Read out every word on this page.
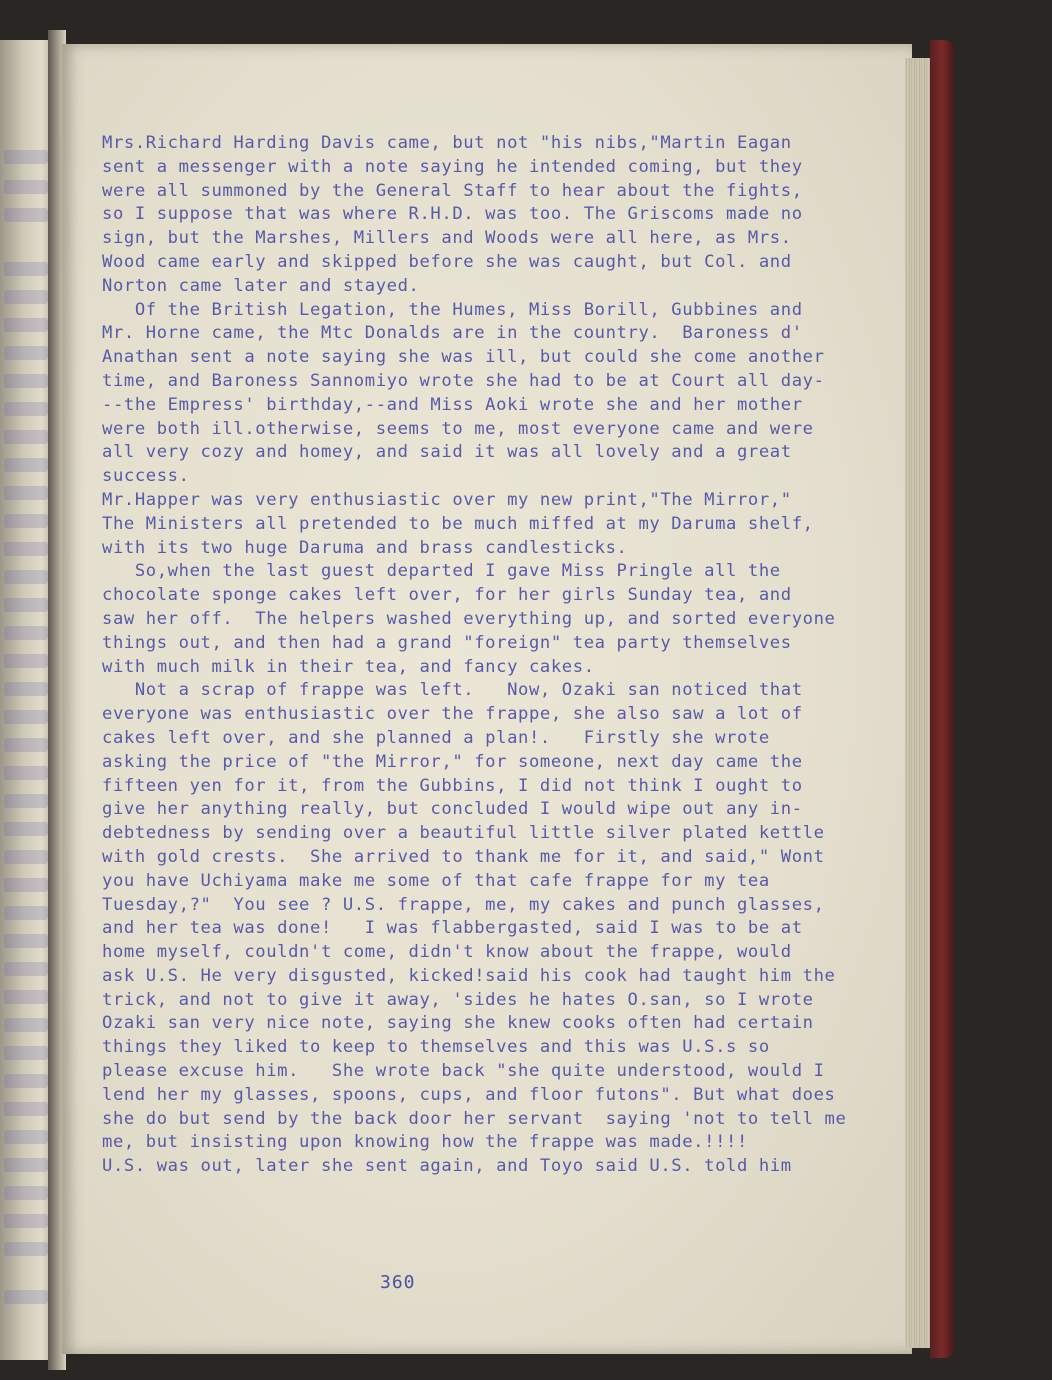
Mrs.Richard Harding Davis came, but not "his nibs,"Martin Eagan
sent a messenger with a note saying he intended coming, but they
were all summoned by the General Staff to hear about the fights,
so I suppose that was where R.H.D. was too. The Griscoms made no
sign, but the Marshes, Millers and Woods were all here, as Mrs.
Wood came early and skipped before she was caught, but Col. and
Norton came later and stayed.
Of the British Legation, the Humes, Miss Borill, Gubbines and
Mr. Horne came, the Mtc Donalds are in the country.  Baroness d'
Anathan sent a note saying she was ill, but could she come another
time, and Baroness Sannomiyo wrote she had to be at Court all day-
--the Empress' birthday,--and Miss Aoki wrote she and her mother
were both ill.otherwise, seems to me, most everyone came and were
all very cozy and homey, and said it was all lovely and a great
success.
Mr.Happer was very enthusiastic over my new print,"The Mirror,"
The Ministers all pretended to be much miffed at my Daruma shelf,
with its two huge Daruma and brass candlesticks.
So,when the last guest departed I gave Miss Pringle all the
chocolate sponge cakes left over, for her girls Sunday tea, and
saw her off.  The helpers washed everything up, and sorted everyone
things out, and then had a grand "foreign" tea party themselves
with much milk in their tea, and fancy cakes.
Not a scrap of frappe was left.   Now, Ozaki san noticed that
everyone was enthusiastic over the frappe, she also saw a lot of
cakes left over, and she planned a plan!.   Firstly she wrote
asking the price of "the Mirror," for someone, next day came the
fifteen yen for it, from the Gubbins, I did not think I ought to
give her anything really, but concluded I would wipe out any in-
debtedness by sending over a beautiful little silver plated kettle
with gold crests.  She arrived to thank me for it, and said," Wont
you have Uchiyama make me some of that cafe frappe for my tea
Tuesday,?"  You see ? U.S. frappe, me, my cakes and punch glasses,
and her tea was done!   I was flabbergasted, said I was to be at
home myself, couldn't come, didn't know about the frappe, would
ask U.S. He very disgusted, kicked!said his cook had taught him the
trick, and not to give it away, 'sides he hates O.san, so I wrote
Ozaki san very nice note, saying she knew cooks often had certain
things they liked to keep to themselves and this was U.S.s so
please excuse him.   She wrote back "she quite understood, would I
lend her my glasses, spoons, cups, and floor futons". But what does
she do but send by the back door her servant  saying 'not to tell me
me, but insisting upon knowing how the frappe was made.!!!!
U.S. was out, later she sent again, and Toyo said U.S. told him
360
